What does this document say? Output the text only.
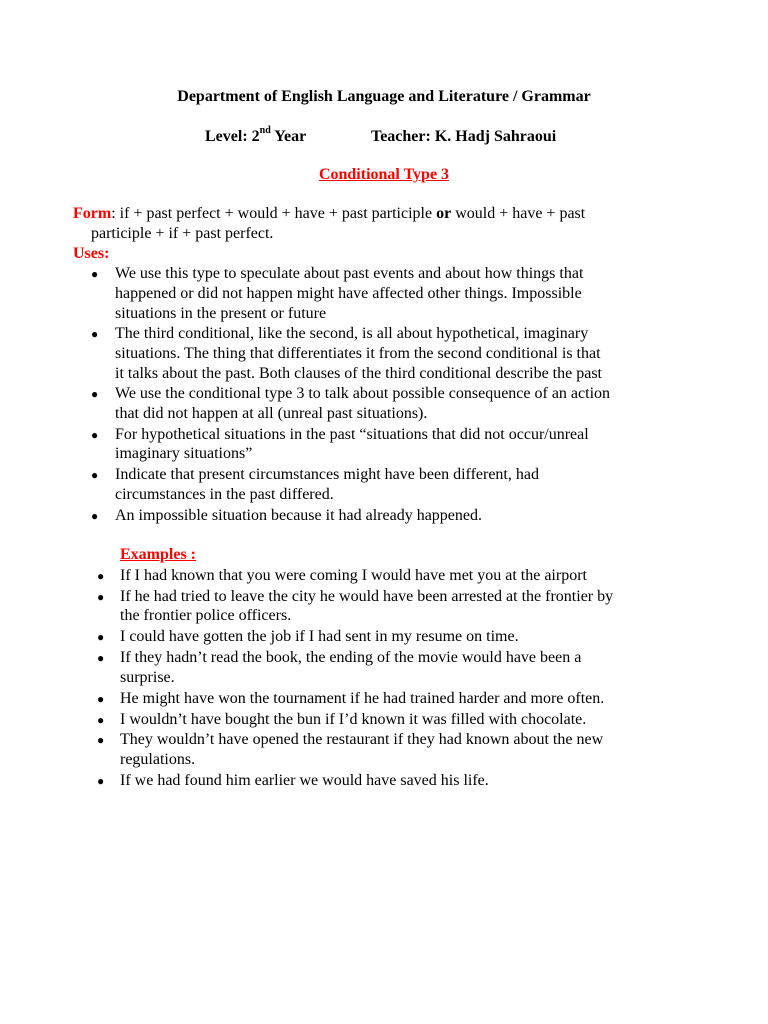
Department of English Language and Literature / Grammar
Level: 2nd Year	Teacher: K. Hadj Sahraoui
Conditional Type 3
Form: if + past perfect + would + have + past participle or would + have + past
participle + if + past perfect.
Uses:
● We use this type to speculate about past events and about how things that
happened or did not happen might have affected other things. Impossible
situations in the present or future
● The third conditional, like the second, is all about hypothetical, imaginary
situations. The thing that differentiates it from the second conditional is that
it talks about the past. Both clauses of the third conditional describe the past
● We use the conditional type 3 to talk about possible consequence of an action
that did not happen at all (unreal past situations).
● For hypothetical situations in the past “situations that did not occur/unreal
imaginary situations”
● Indicate that present circumstances might have been different, had
circumstances in the past differed.
● An impossible situation because it had already happened.
Examples :
● If I had known that you were coming I would have met you at the airport
● If he had tried to leave the city he would have been arrested at the frontier by
the frontier police officers.
● I could have gotten the job if I had sent in my resume on time.
● If they hadn’t read the book, the ending of the movie would have been a
surprise.
● He might have won the tournament if he had trained harder and more often.
● I wouldn’t have bought the bun if I’d known it was filled with chocolate.
● They wouldn’t have opened the restaurant if they had known about the new
regulations.
● If we had found him earlier we would have saved his life.
